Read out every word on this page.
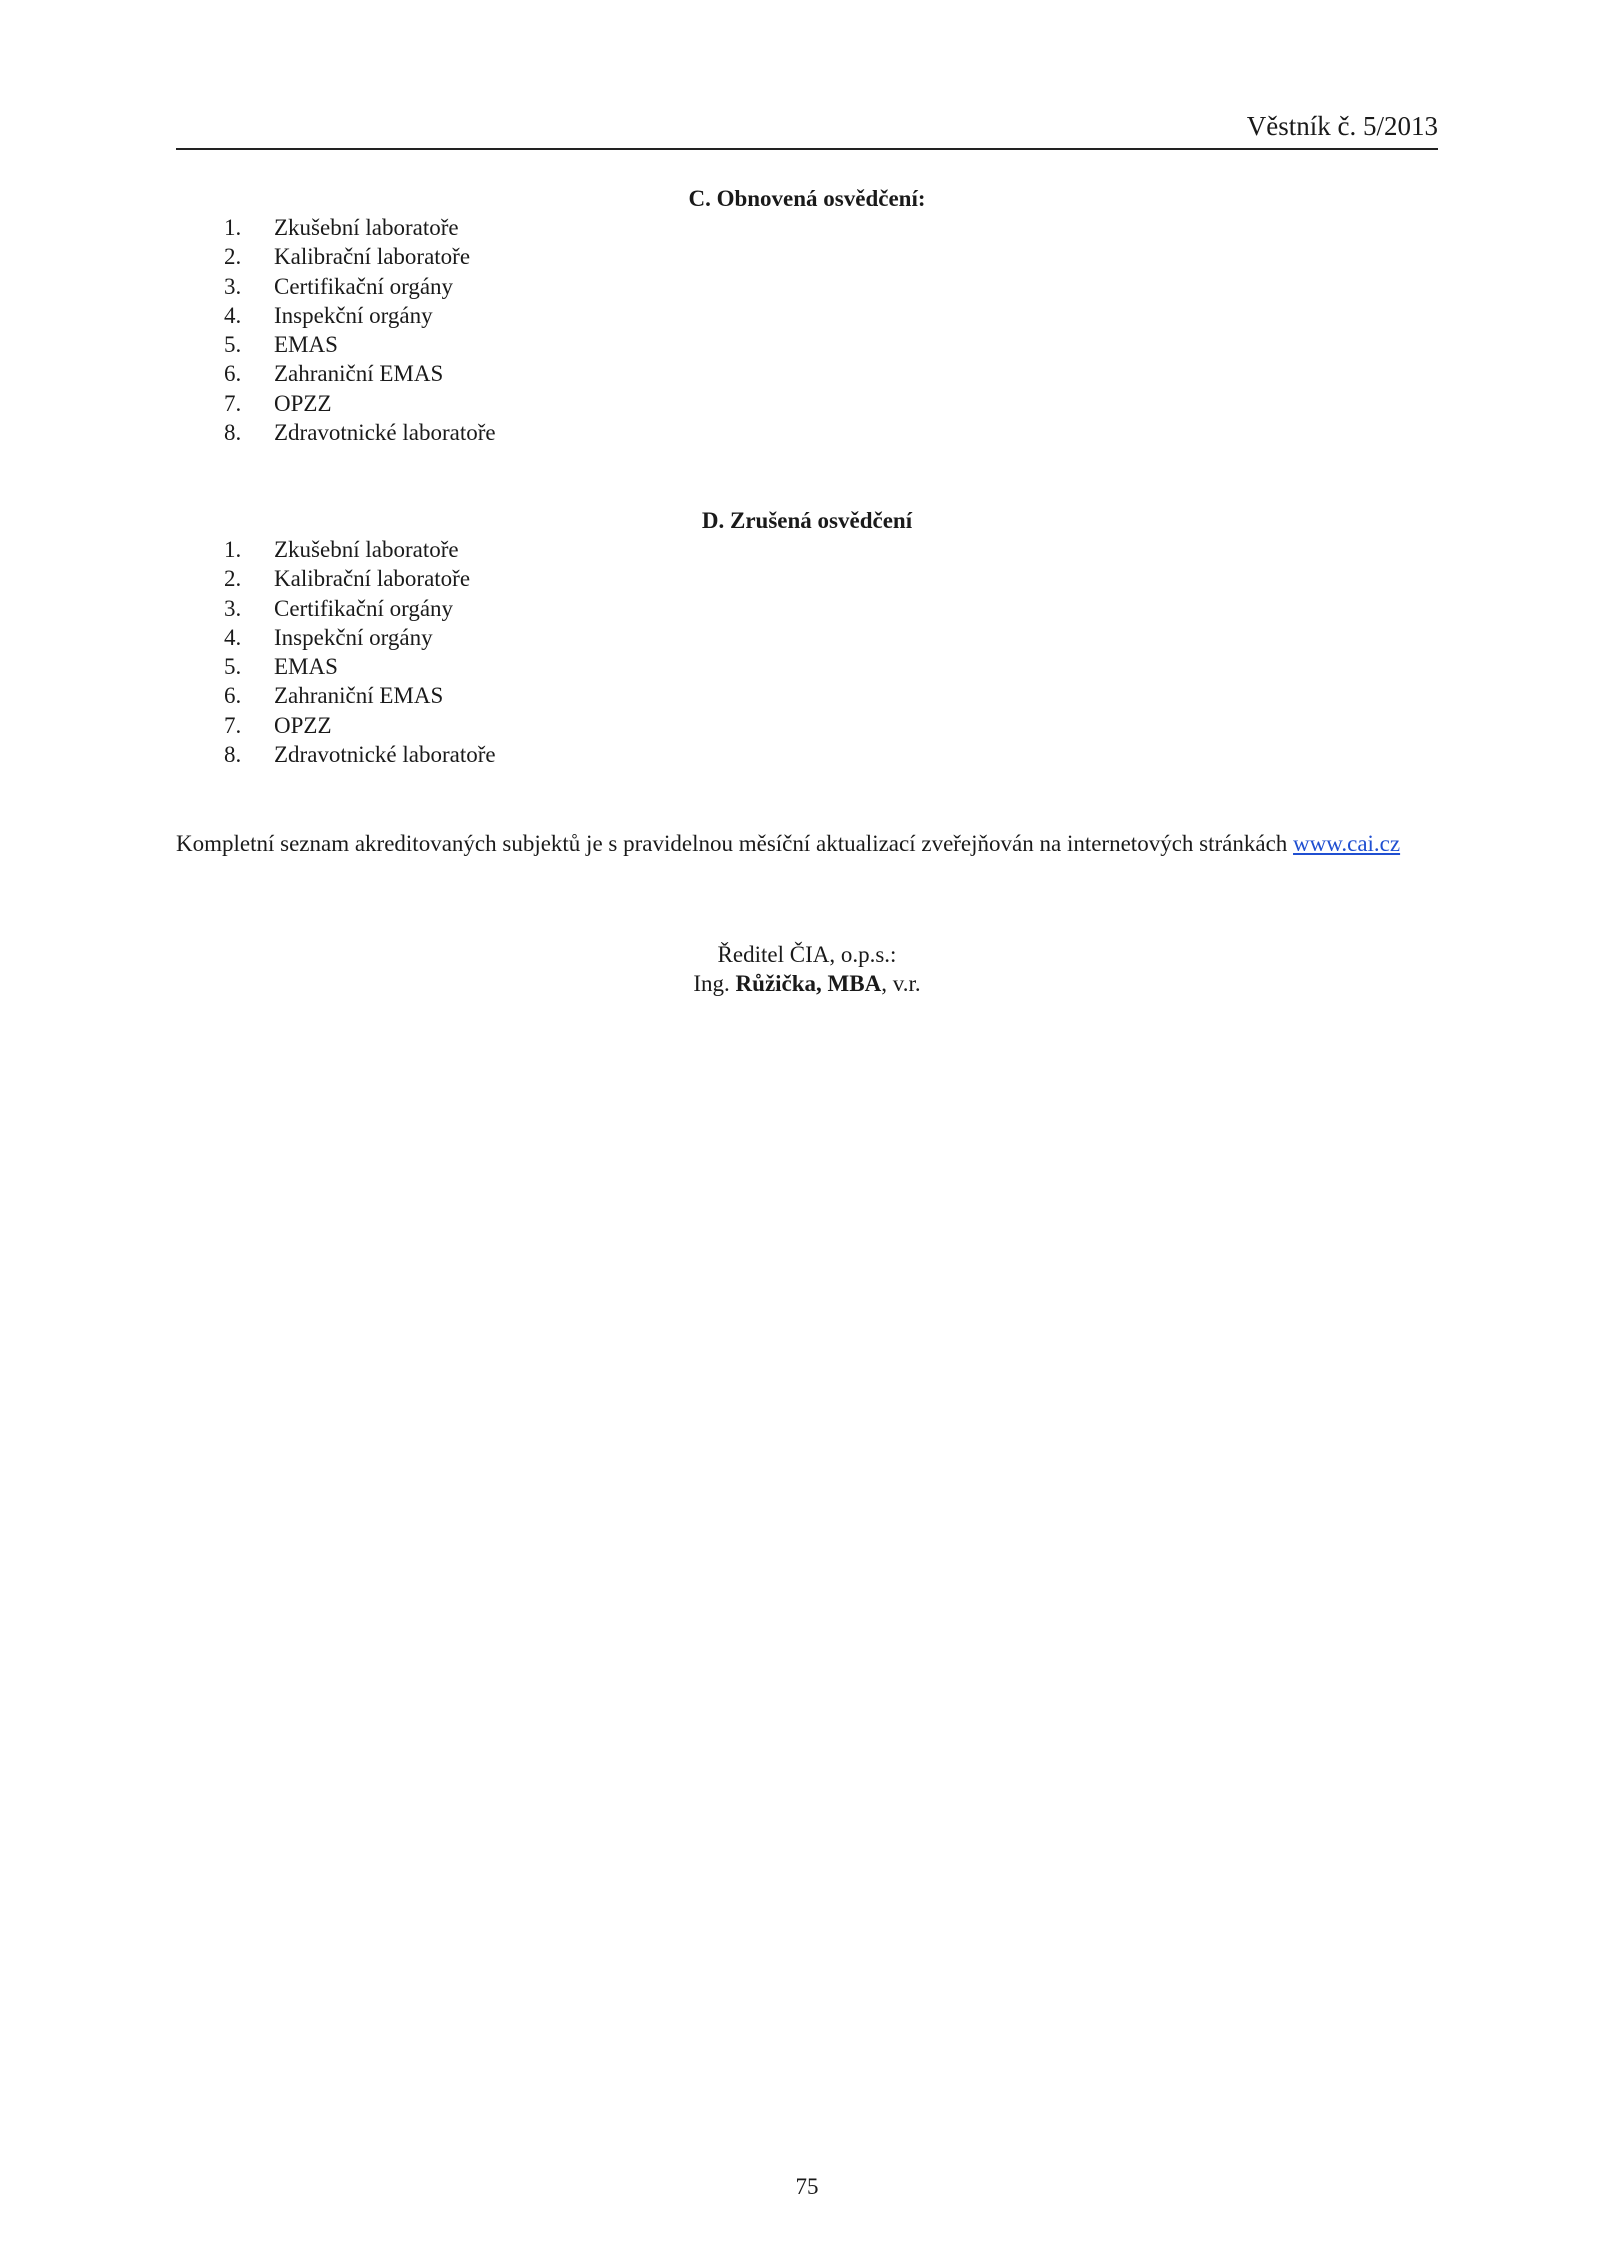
Věstník č. 5/2013
C. Obnovená osvědčení:
1. Zkušební laboratoře
2. Kalibrační laboratoře
3. Certifikační orgány
4. Inspekční orgány
5. EMAS
6. Zahraniční EMAS
7. OPZZ
8. Zdravotnické laboratoře
D. Zrušená osvědčení
1. Zkušební laboratoře
2. Kalibrační laboratoře
3. Certifikační orgány
4. Inspekční orgány
5. EMAS
6. Zahraniční EMAS
7. OPZZ
8. Zdravotnické laboratoře
Kompletní seznam akreditovaných subjektů je s pravidelnou měsíční aktualizací zveřejňován na internetových stránkách www.cai.cz
Ředitel ČIA, o.p.s.:
Ing. Růžička, MBA, v.r.
75
